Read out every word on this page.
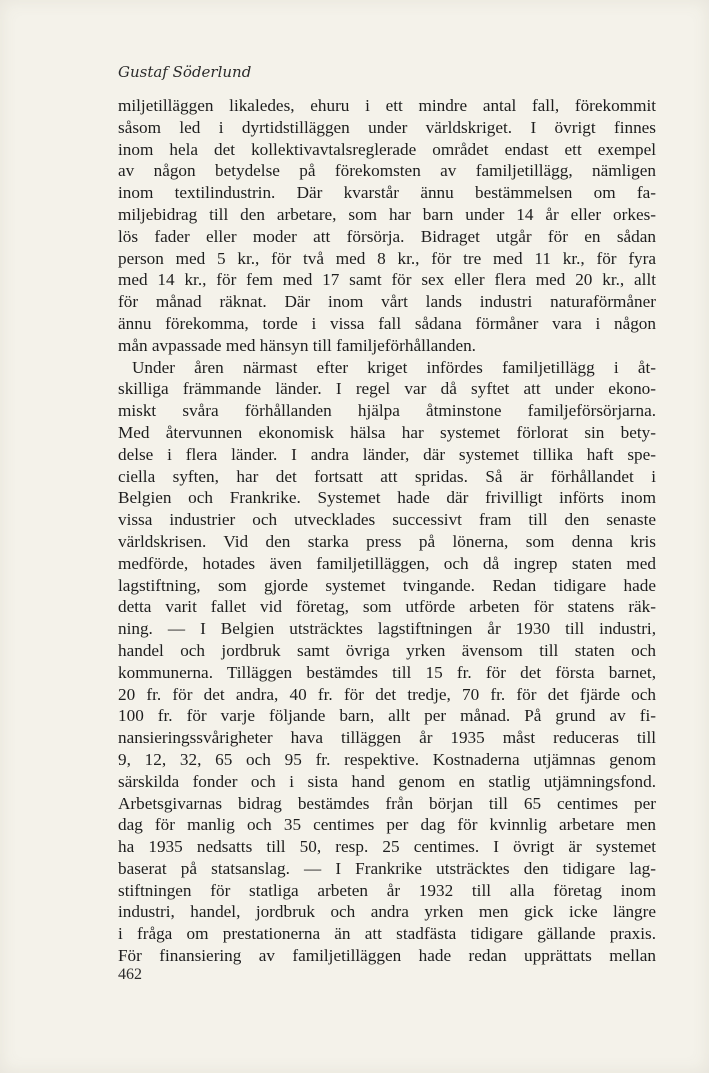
Gustaf Söderlund
miljetilläggen likaledes, ehuru i ett mindre antal fall, förekommit
såsom led i dyrtidstilläggen under världskriget. I övrigt finnes
inom hela det kollektivavtalsreglerade området endast ett exempel
av någon betydelse på förekomsten av familjetillägg, nämligen
inom textilindustrin. Där kvarstår ännu bestämmelsen om fa-
miljebidrag till den arbetare, som har barn under 14 år eller orkes-
lös fader eller moder att försörja. Bidraget utgår för en sådan
person med 5 kr., för två med 8 kr., för tre med 11 kr., för fyra
med 14 kr., för fem med 17 samt för sex eller flera med 20 kr., allt
för månad räknat. Där inom vårt lands industri naturaförmåner
ännu förekomma, torde i vissa fall sådana förmåner vara i någon
mån avpassade med hänsyn till familjeförhållanden.
Under åren närmast efter kriget infördes familjetillägg i åt-
skilliga främmande länder. I regel var då syftet att under ekono-
miskt svåra förhållanden hjälpa åtminstone familjeförsörjarna.
Med återvunnen ekonomisk hälsa har systemet förlorat sin bety-
delse i flera länder. I andra länder, där systemet tillika haft spe-
ciella syften, har det fortsatt att spridas. Så är förhållandet i
Belgien och Frankrike. Systemet hade där frivilligt införts inom
vissa industrier och utvecklades successivt fram till den senaste
världskrisen. Vid den starka press på lönerna, som denna kris
medförde, hotades även familjetilläggen, och då ingrep staten med
lagstiftning, som gjorde systemet tvingande. Redan tidigare hade
detta varit fallet vid företag, som utförde arbeten för statens räk-
ning. — I Belgien utsträcktes lagstiftningen år 1930 till industri,
handel och jordbruk samt övriga yrken ävensom till staten och
kommunerna. Tilläggen bestämdes till 15 fr. för det första barnet,
20 fr. för det andra, 40 fr. för det tredje, 70 fr. för det fjärde och
100 fr. för varje följande barn, allt per månad. På grund av fi-
nansieringssvårigheter hava tilläggen år 1935 måst reduceras till
9, 12, 32, 65 och 95 fr. respektive. Kostnaderna utjämnas genom
särskilda fonder och i sista hand genom en statlig utjämningsfond.
Arbetsgivarnas bidrag bestämdes från början till 65 centimes per
dag för manlig och 35 centimes per dag för kvinnlig arbetare men
ha 1935 nedsatts till 50, resp. 25 centimes. I övrigt är systemet
baserat på statsanslag. — I Frankrike utsträcktes den tidigare lag-
stiftningen för statliga arbeten år 1932 till alla företag inom
industri, handel, jordbruk och andra yrken men gick icke längre
i fråga om prestationerna än att stadfästa tidigare gällande praxis.
För finansiering av familjetilläggen hade redan upprättats mellan
462
